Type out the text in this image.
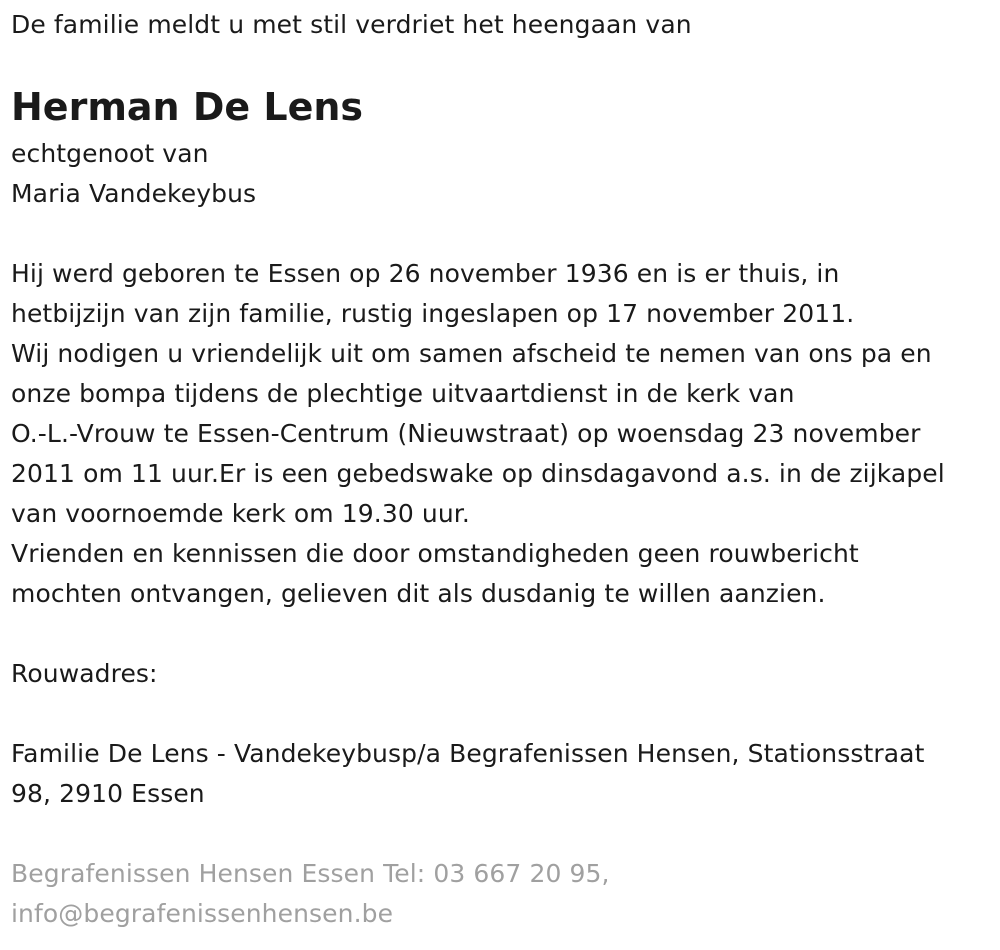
De familie meldt u met stil verdriet het heengaan van
Herman De Lens
echtgenoot van
Maria Vandekeybus
Hij werd geboren te Essen op 26 november 1936 en is er thuis, in
hetbijzijn van zijn familie, rustig ingeslapen op 17 november 2011.
Wij nodigen u vriendelijk uit om samen afscheid te nemen van ons pa en
onze bompa tijdens de plechtige uitvaartdienst in de kerk van
O.-L.-Vrouw te Essen-Centrum (Nieuwstraat) op woensdag 23 november
2011 om 11 uur.Er is een gebedswake op dinsdagavond a.s. in de zijkapel
van voornoemde kerk om 19.30 uur.
Vrienden en kennissen die door omstandigheden geen rouwbericht
mochten ontvangen, gelieven dit als dusdanig te willen aanzien.
Rouwadres:
Familie De Lens - Vandekeybusp/a Begrafenissen Hensen, Stationsstraat
98, 2910 Essen
Begrafenissen Hensen Essen Tel: 03 667 20 95,
info@begrafenissenhensen.be
